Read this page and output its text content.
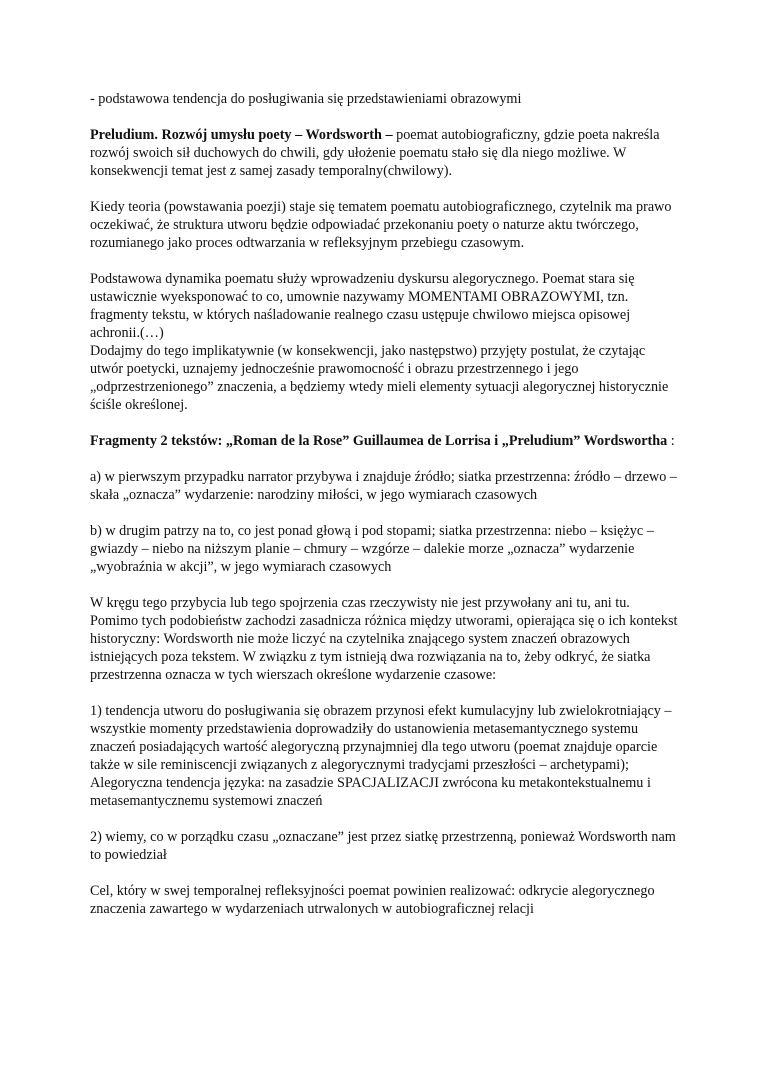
- podstawowa tendencja do posługiwania się przedstawieniami obrazowymi

Preludium. Rozwój umysłu poety – Wordsworth – poemat autobiograficzny, gdzie poeta nakreśla rozwój swoich sił duchowych do chwili, gdy ułożenie poematu stało się dla niego możliwe. W konsekwencji temat jest z samej zasady temporalny(chwilowy).

Kiedy teoria (powstawania poezji) staje się tematem poematu autobiograficznego, czytelnik ma prawo oczekiwać, że struktura utworu będzie odpowiadać przekonaniu poety o naturze aktu twórczego, rozumianego jako proces odtwarzania w refleksyjnym przebiegu czasowym.

Podstawowa dynamika poematu służy wprowadzeniu dyskursu alegorycznego. Poemat stara się ustawicznie wyeksponować to co, umownie nazywamy MOMENTAMI OBRAZOWYMI, tzn. fragmenty tekstu, w których naśladowanie realnego czasu ustępuje chwilowo miejsca opisowej achronii.(…)

Dodajmy do tego implikatywnie (w konsekwencji, jako następstwo) przyjęty postulat, że czytając utwór poetycki, uznajemy jednocześnie prawomocność i obrazu przestrzennego i jego „odprzestrzenionego” znaczenia, a będziemy wtedy mieli elementy sytuacji alegorycznej historycznie ściśle określonej.

Fragmenty 2 tekstów: „Roman de la Rose” Guillaumea de Lorrisa i „Preludium” Wordswortha :

a) w pierwszym przypadku narrator przybywa i znajduje źródło; siatka przestrzenna: źródło – drzewo – skała „oznacza” wydarzenie: narodziny miłości, w jego wymiarach czasowych

b) w drugim patrzy na to, co jest ponad głową i pod stopami; siatka przestrzenna: niebo – księżyc – gwiazdy – niebo na niższym planie – chmury – wzgórze – dalekie morze „oznacza” wydarzenie „wyobraźnia w akcji”, w jego wymiarach czasowych

W kręgu tego przybycia lub tego spojrzenia czas rzeczywisty nie jest przywołany ani tu, ani tu.

Pomimo tych podobieństw zachodzi zasadnicza różnica między utworami, opierająca się o ich kontekst historyczny: Wordsworth nie może liczyć na czytelnika znającego system znaczeń obrazowych istniejących poza tekstem. W związku z tym istnieją dwa rozwiązania na to, żeby odkryć, że siatka przestrzenna oznacza w tych wierszach określone wydarzenie czasowe:

1) tendencja utworu do posługiwania się obrazem przynosi efekt kumulacyjny lub zwielokrotniający – wszystkie momenty przedstawienia doprowadziły do ustanowienia metasemantycznego systemu znaczeń posiadających wartość alegoryczną przynajmniej dla tego utworu (poemat znajduje oparcie także w sile reminiscencji związanych z alegorycznymi tradycjami przeszłości – archetypami);

Alegoryczna tendencja języka: na zasadzie SPACJALIZACJI zwrócona ku metakontekstualnemu i metasemantycznemu systemowi znaczeń

2) wiemy, co w porządku czasu „oznaczane” jest przez siatkę przestrzenną, ponieważ Wordsworth nam to powiedział

Cel, który w swej temporalnej refleksyjności poemat powinien realizować: odkrycie alegorycznego znaczenia zawartego w wydarzeniach utrwalonych w autobiograficznej relacji
